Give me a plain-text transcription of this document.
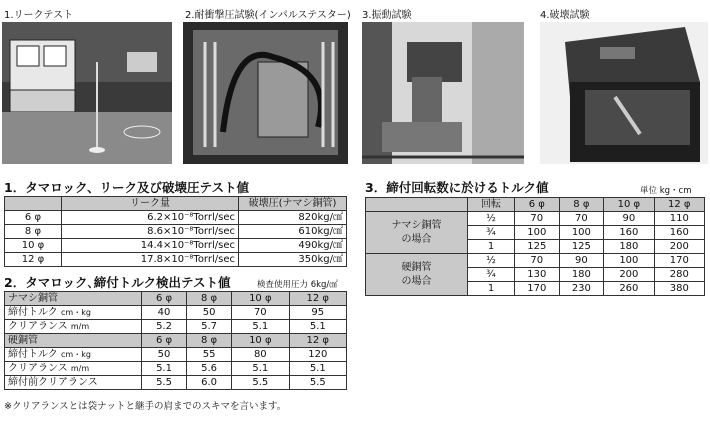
1.リークテスト	2.耐衝撃圧試験(インパルステスター) 3.振動試験	4.破壊試験
1．タマロック、リーク及び破壊圧テスト値
	リーク量	破壊圧(ナマシ銅管)
6 φ	6.2×10⁻⁸Torrl/sec	820kg/㎠
8 φ	8.6×10⁻⁸Torrl/sec	610kg/㎠
10 φ	14.4×10⁻⁸Torrl/sec	490kg/㎠
12 φ	17.8×10⁻⁸Torrl/sec	350kg/㎠
2．タマロック､締付トルク検出テスト値	検査使用圧力 6kg/㎠
ナマシ銅管	6 φ	8 φ	10 φ	12 φ
締付トルク cm・kg	40	50	70	95
クリアランス m/m	5.2	5.7	5.1	5.1
硬銅管	6 φ	8 φ	10 φ	12 φ
締付トルク cm・kg	50	55	80	120
クリアランス m/m	5.1	5.6	5.1	5.1
締付前クリアランス	5.5	6.0	5.5	5.5
3．締付回転数に於けるトルク値	単位 kg・cm
	回転	6 φ	8 φ	10 φ	12 φ

ナマシ銅管
の場合	½	70	70	90	110
	¾	100	100	160	160
	1	125	125	180	200

硬銅管
の場合	½	70	90	100	170
	¾	130	180	200	280
	1	170	230	260	380
※クリアランスとは袋ナットと継手の肩までのスキマを言います。
